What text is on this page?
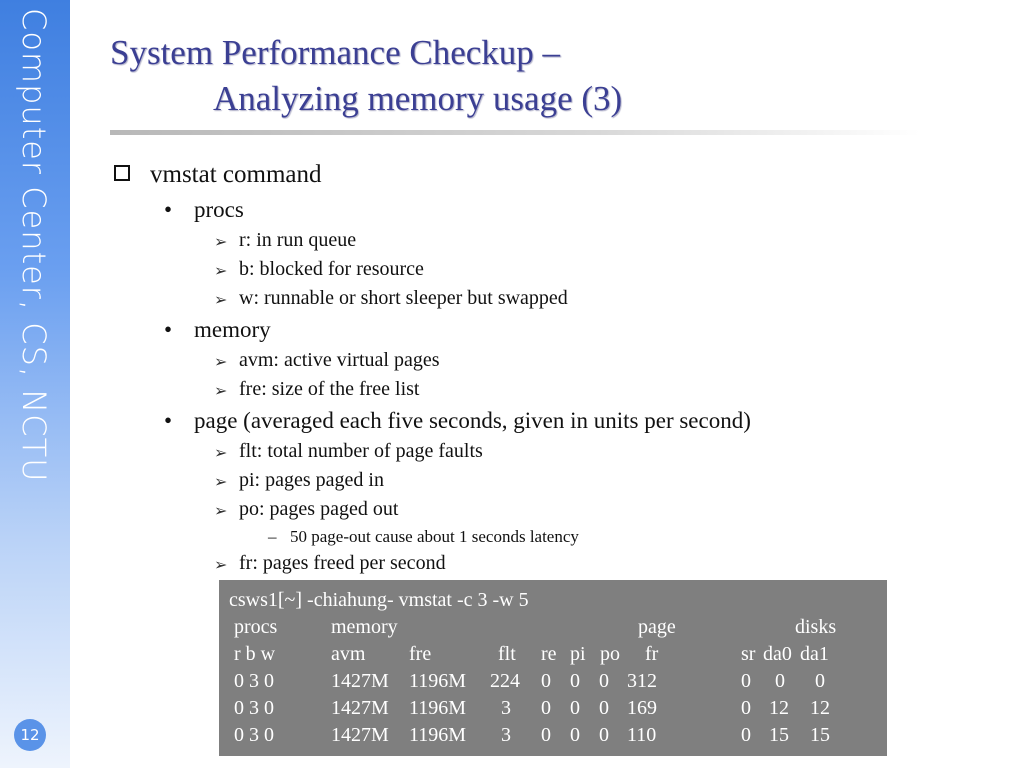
Computer Center, CS, NCTU
12
System Performance Checkup –
Analyzing memory usage (3)
vmstat command
• procs
➢ r: in run queue
➢ b: blocked for resource
➢ w: runnable or short sleeper but swapped
• memory
➢ avm: active virtual pages
➢ fre: size of the free list
• page (averaged each five seconds, given in units per second)
➢ flt: total number of page faults
➢ pi: pages paged in
➢ po: pages paged out
– 50 page-out cause about 1 seconds latency
➢ fr: pages freed per second
csws1[~] -chiahung- vmstat -c 3 -w 5
procs	memory	page	disks
r b w	avm fre	flt re pi po fr	sr da0 da1
0 3 0	1427M 1196M 224 0 0 0 312	0 0 0
0 3 0	1427M 1196M 3 0 0 0 169	0 12 12
0 3 0	1427M 1196M 3 0 0 0 110	0 15 15
